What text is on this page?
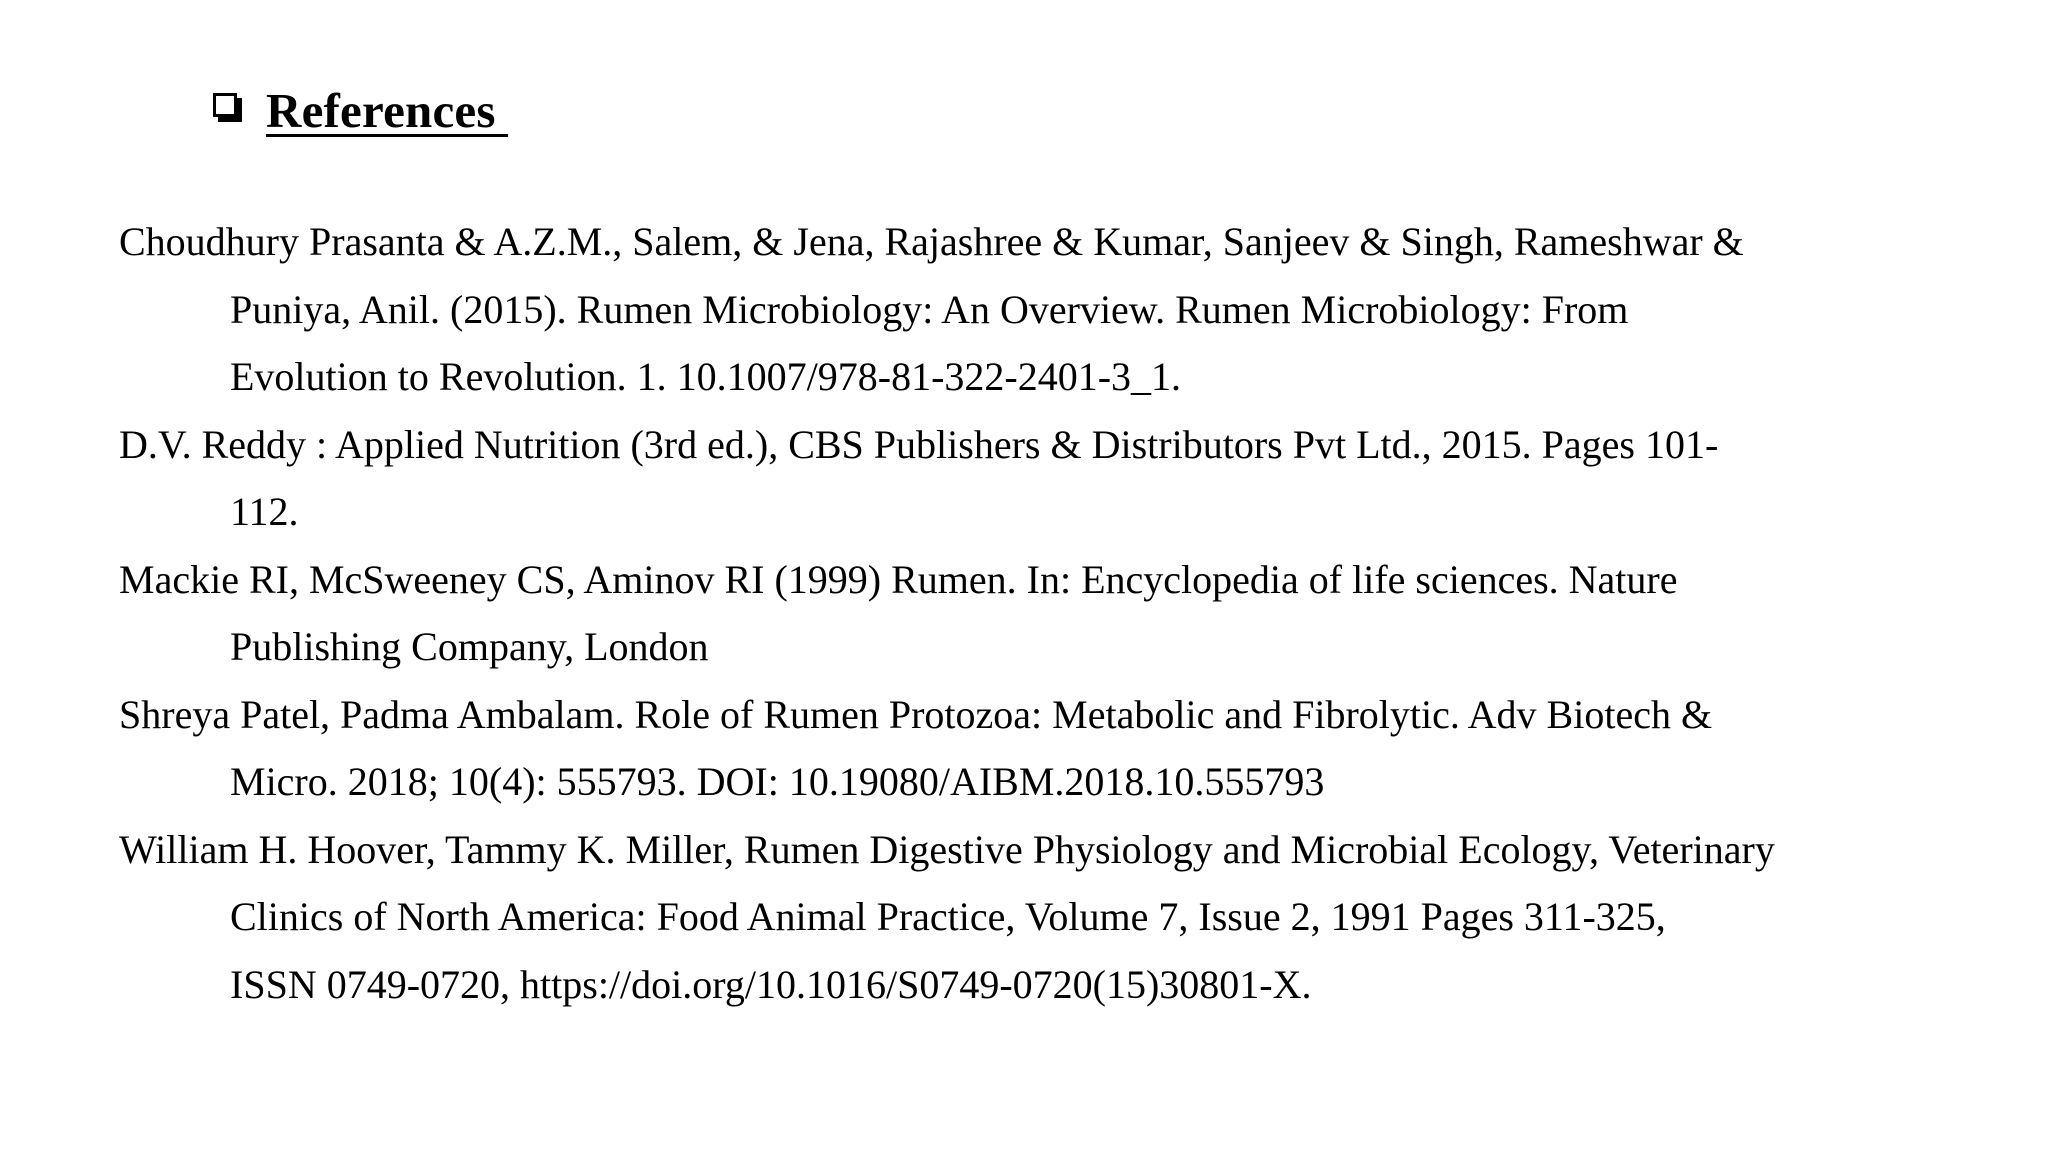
References
Choudhury Prasanta & A.Z.M., Salem, & Jena, Rajashree & Kumar, Sanjeev & Singh, Rameshwar &
Puniya, Anil. (2015). Rumen Microbiology: An Overview. Rumen Microbiology: From
Evolution to Revolution. 1. 10.1007/978-81-322-2401-3_1.
D.V. Reddy : Applied Nutrition (3rd ed.), CBS Publishers & Distributors Pvt Ltd., 2015. Pages 101-
112.
Mackie RI, McSweeney CS, Aminov RI (1999) Rumen. In: Encyclopedia of life sciences. Nature
Publishing Company, London
Shreya Patel, Padma Ambalam. Role of Rumen Protozoa: Metabolic and Fibrolytic. Adv Biotech &
Micro. 2018; 10(4): 555793. DOI: 10.19080/AIBM.2018.10.555793
William H. Hoover, Tammy K. Miller, Rumen Digestive Physiology and Microbial Ecology, Veterinary
Clinics of North America: Food Animal Practice, Volume 7, Issue 2, 1991 Pages 311-325,
ISSN 0749-0720, https://doi.org/10.1016/S0749-0720(15)30801-X.
